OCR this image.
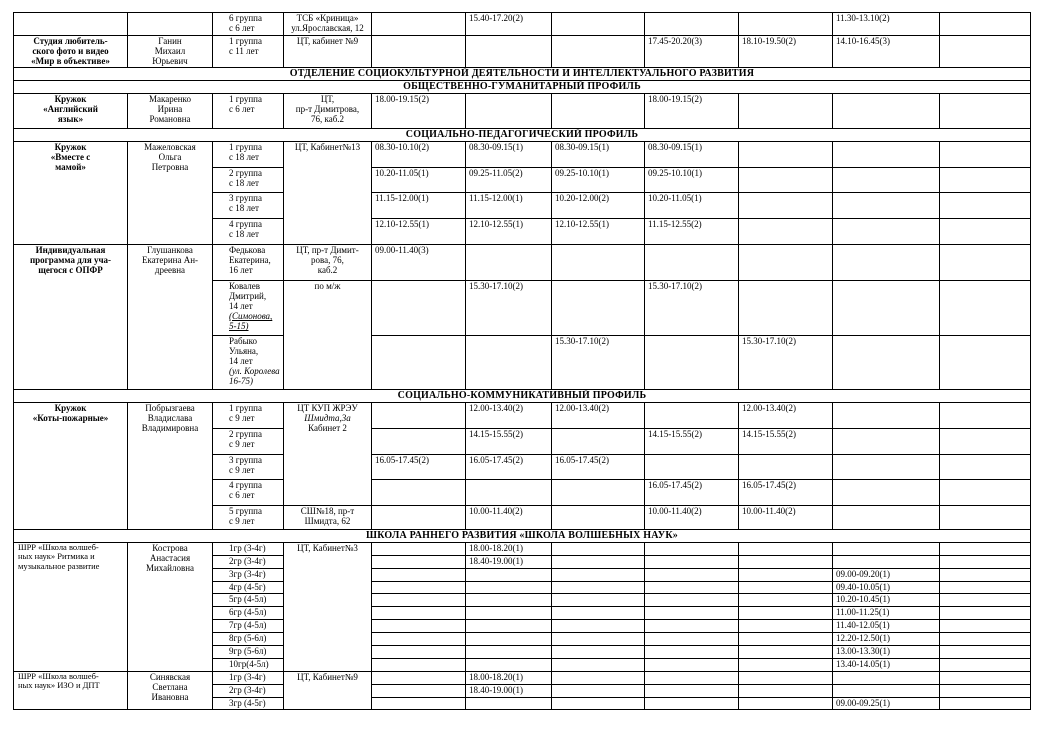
		6 группа
с 6 лет	ТСБ «Криница»
ул.Ярославская, 12		15.40-17.20(2)				11.30-13.10(2)	
Студия любитель-
ского фото и видео
«Мир в объективе»	Ганин
Михаил
Юрьевич	1 группа
с 11 лет	ЦТ, кабинет №9				17.45-20.20(3)	18.10-19.50(2)	14.10-16.45(3)	
ОТДЕЛЕНИЕ СОЦИОКУЛЬТУРНОЙ ДЕЯТЕЛЬНОСТИ И ИНТЕЛЛЕКТУАЛЬНОГО РАЗВИТИЯ										
ОБЩЕСТВЕННО-ГУМАНИТАРНЫЙ ПРОФИЛЬ										
Кружок
«Английский
язык»	Макаренко
Ирина
Романовна	1 группа
с 6 лет	ЦТ,
пр-т Димитрова,
76, каб.2	18.00-19.15(2)			18.00-19.15(2)			
СОЦИАЛЬНО-ПЕДАГОГИЧЕСКИЙ ПРОФИЛЬ										
Кружок
«Вместе с
мамой»	Мажеловская
Ольга
Петровна	1 группа
с 18 лет	ЦТ, Кабинет№13	08.30-10.10(2)	08.30-09.15(1)	08.30-09.15(1)	08.30-09.15(1)			
		2 группа
с 18 лет		10.20-11.05(1)	09.25-11.05(2)	09.25-10.10(1)	09.25-10.10(1)			
		3 группа
с 18 лет		11.15-12.00(1)	11.15-12.00(1)	10.20-12.00(2)	10.20-11.05(1)			
		4 группа
с 18 лет		12.10-12.55(1)	12.10-12.55(1)	12.10-12.55(1)	11.15-12.55(2)			
Индивидуальная
программа для уча-
щегося с ОПФР	Глушанкова
Екатерина Ан-
дреевна	Федькова
Екатерина,
16 лет	ЦТ, пр-т Димит-
рова, 76,
каб.2	09.00-11.40(3)						
		Ковалев
Дмитрий,
14 лет
(Симонова,
5-15)	по м/ж		15.30-17.10(2)		15.30-17.10(2)			
		Рабыко
Ульяна,
14 лет
(ул. Королева
16-75)				15.30-17.10(2)		15.30-17.10(2)		
СОЦИАЛЬНО-КОММУНИКАТИВНЫЙ ПРОФИЛЬ										
Кружок
«Коты-пожарные»	Побрызгаева
Владислава
Владимировна	1 группа
с 9 лет	ЦТ КУП ЖРЭУ
Шмидта,3а
Кабинет 2		12.00-13.40(2)	12.00-13.40(2)		12.00-13.40(2)		
		2 группа
с 9 лет			14.15-15.55(2)		14.15-15.55(2)	14.15-15.55(2)		
		3 группа
с 9 лет		16.05-17.45(2)	16.05-17.45(2)	16.05-17.45(2)				
		4 группа
с 6 лет					16.05-17.45(2)	16.05-17.45(2)		
		5 группа
с 9 лет	СШ№18, пр-т
Шмидта, 62		10.00-11.40(2)		10.00-11.40(2)	10.00-11.40(2)		
ШКОЛА РАННЕГО РАЗВИТИЯ «ШКОЛА ВОЛШЕБНЫХ НАУК»										
ШРР «Школа волшеб-
ных наук» Ритмика и
музыкальное развитие	Кострова
Анастасия
Михайловна	1гр (3-4г)	ЦТ, Кабинет№3		18.00-18.20(1)					
		2гр (3-4г)			18.40-19.00(1)					
		3гр (3-4г)							09.00-09.20(1)	
		4гр (4-5г)							09.40-10.05(1)	
		5гр (4-5л)							10.20-10.45(1)	
		6гр (4-5л)							11.00-11.25(1)	
		7гр (4-5л)							11.40-12.05(1)	
		8гр (5-6л)							12.20-12.50(1)	
		9гр (5-6л)							13.00-13.30(1)	
		10гр(4-5л)							13.40-14.05(1)	
ШРР «Школа волшеб-
ных наук» ИЗО и ДПТ	Синявская
Светлана
Ивановна	1гр (3-4г)	ЦТ, Кабинет№9		18.00-18.20(1)					
		2гр (3-4г)			18.40-19.00(1)					
		3гр (4-5г)							09.00-09.25(1)	
